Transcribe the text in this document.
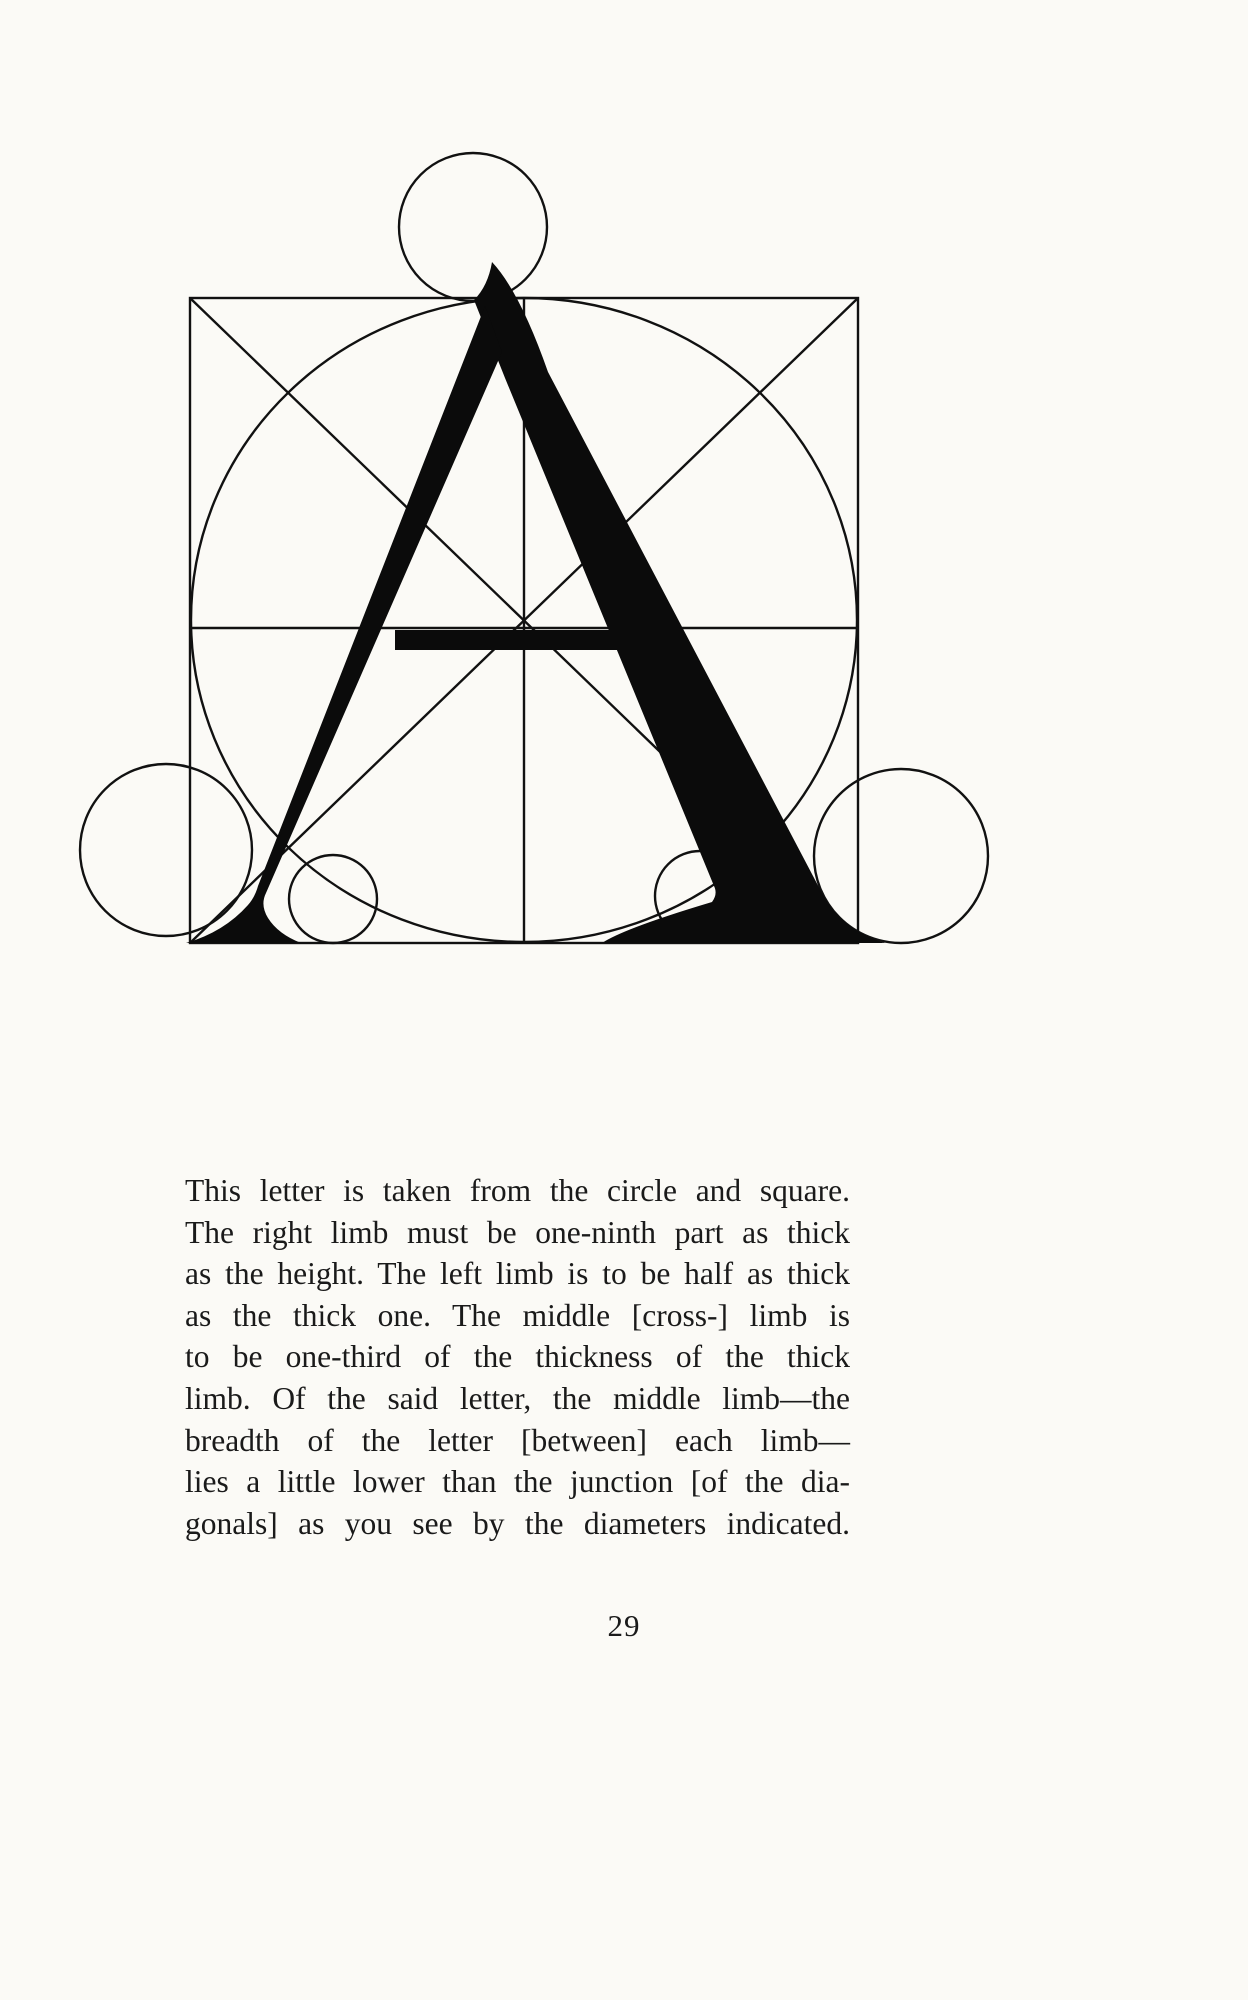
This letter is taken from the circle and square.
The right limb must be one-ninth part as thick
as the height. The left limb is to be half as thick
as the thick one. The middle [cross-] limb is
to be one-third of the thickness of the thick
limb. Of the said letter, the middle limb—the
breadth of the letter [between] each limb—
lies a little lower than the junction [of the dia-
gonals] as you see by the diameters indicated.

29
